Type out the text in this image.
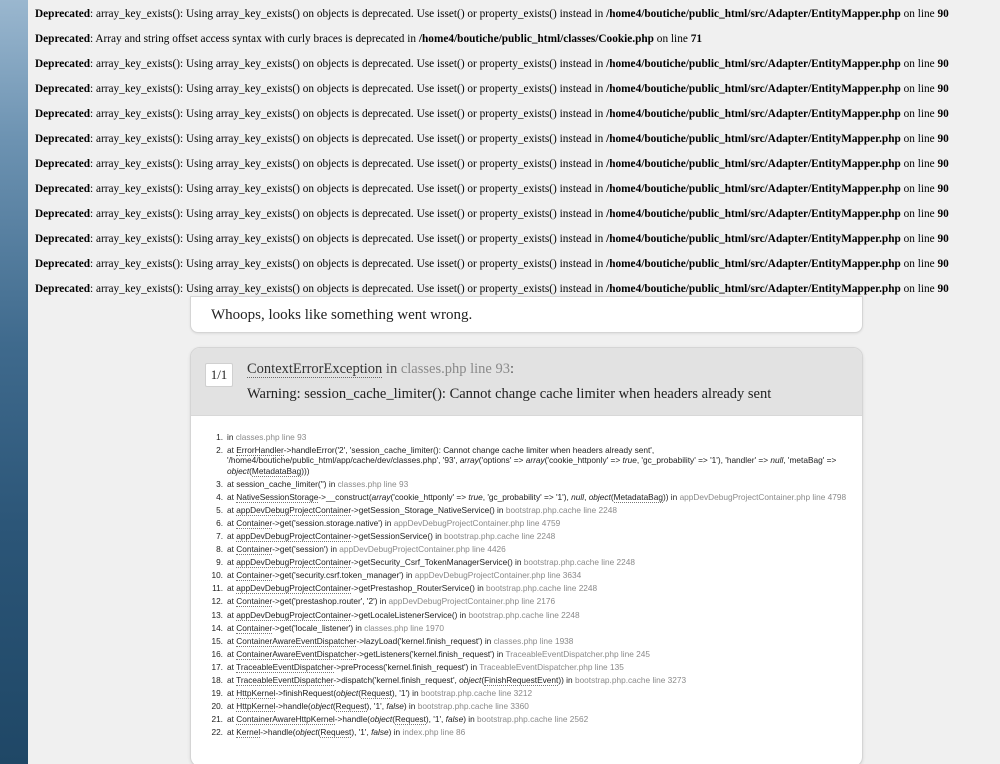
Deprecated: array_key_exists(): Using array_key_exists() on objects is deprecated. Use isset() or property_exists() instead in /home4/boutiche/public_html/src/Adapter/EntityMapper.php on line 90
Deprecated: Array and string offset access syntax with curly braces is deprecated in /home4/boutiche/public_html/classes/Cookie.php on line 71
Deprecated: array_key_exists(): Using array_key_exists() on objects is deprecated. Use isset() or property_exists() instead in /home4/boutiche/public_html/src/Adapter/EntityMapper.php on line 90
Deprecated: array_key_exists(): Using array_key_exists() on objects is deprecated. Use isset() or property_exists() instead in /home4/boutiche/public_html/src/Adapter/EntityMapper.php on line 90
Deprecated: array_key_exists(): Using array_key_exists() on objects is deprecated. Use isset() or property_exists() instead in /home4/boutiche/public_html/src/Adapter/EntityMapper.php on line 90
Deprecated: array_key_exists(): Using array_key_exists() on objects is deprecated. Use isset() or property_exists() instead in /home4/boutiche/public_html/src/Adapter/EntityMapper.php on line 90
Deprecated: array_key_exists(): Using array_key_exists() on objects is deprecated. Use isset() or property_exists() instead in /home4/boutiche/public_html/src/Adapter/EntityMapper.php on line 90
Deprecated: array_key_exists(): Using array_key_exists() on objects is deprecated. Use isset() or property_exists() instead in /home4/boutiche/public_html/src/Adapter/EntityMapper.php on line 90
Deprecated: array_key_exists(): Using array_key_exists() on objects is deprecated. Use isset() or property_exists() instead in /home4/boutiche/public_html/src/Adapter/EntityMapper.php on line 90
Deprecated: array_key_exists(): Using array_key_exists() on objects is deprecated. Use isset() or property_exists() instead in /home4/boutiche/public_html/src/Adapter/EntityMapper.php on line 90
Deprecated: array_key_exists(): Using array_key_exists() on objects is deprecated. Use isset() or property_exists() instead in /home4/boutiche/public_html/src/Adapter/EntityMapper.php on line 90
Deprecated: array_key_exists(): Using array_key_exists() on objects is deprecated. Use isset() or property_exists() instead in /home4/boutiche/public_html/src/Adapter/EntityMapper.php on line 90
Whoops, looks like something went wrong.
1/1	ContextErrorException in classes.php line 93:
Warning: session_cache_limiter(): Cannot change cache limiter when headers already sent
1. in classes.php line 93
2. at ErrorHandler->handleError('2', 'session_cache_limiter(): Cannot change cache limiter when headers already sent', '/home4/boutiche/public_html/app/cache/dev/classes.php', '93', array('options' => array('cookie_httponly' => true, 'gc_probability' => '1'), 'handler' => null, 'metaBag' => object(MetadataBag)))
3. at session_cache_limiter('') in classes.php line 93
4. at NativeSessionStorage->__construct(array('cookie_httponly' => true, 'gc_probability' => '1'), null, object(MetadataBag)) in appDevDebugProjectContainer.php line 4798
5. at appDevDebugProjectContainer->getSession_Storage_NativeService() in bootstrap.php.cache line 2248
6. at Container->get('session.storage.native') in appDevDebugProjectContainer.php line 4759
7. at appDevDebugProjectContainer->getSessionService() in bootstrap.php.cache line 2248
8. at Container->get('session') in appDevDebugProjectContainer.php line 4426
9. at appDevDebugProjectContainer->getSecurity_Csrf_TokenManagerService() in bootstrap.php.cache line 2248
10. at Container->get('security.csrf.token_manager') in appDevDebugProjectContainer.php line 3634
11. at appDevDebugProjectContainer->getPrestashop_RouterService() in bootstrap.php.cache line 2248
12. at Container->get('prestashop.router', '2') in appDevDebugProjectContainer.php line 2176
13. at appDevDebugProjectContainer->getLocaleListenerService() in bootstrap.php.cache line 2248
14. at Container->get('locale_listener') in classes.php line 1970
15. at ContainerAwareEventDispatcher->lazyLoad('kernel.finish_request') in classes.php line 1938
16. at ContainerAwareEventDispatcher->getListeners('kernel.finish_request') in TraceableEventDispatcher.php line 245
17. at TraceableEventDispatcher->preProcess('kernel.finish_request') in TraceableEventDispatcher.php line 135
18. at TraceableEventDispatcher->dispatch('kernel.finish_request', object(FinishRequestEvent)) in bootstrap.php.cache line 3273
19. at HttpKernel->finishRequest(object(Request), '1') in bootstrap.php.cache line 3212
20. at HttpKernel->handle(object(Request), '1', false) in bootstrap.php.cache line 3360
21. at ContainerAwareHttpKernel->handle(object(Request), '1', false) in bootstrap.php.cache line 2562
22. at Kernel->handle(object(Request), '1', false) in index.php line 86
